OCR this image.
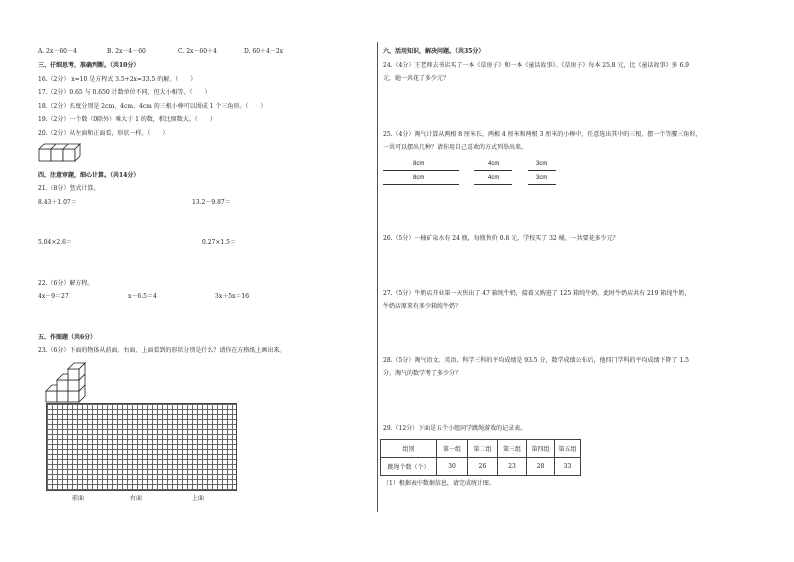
A. 2x－60－4	B. 2x－4－60	C. 2x－60＋4	D. 60＋4－2x
三、仔细思考，准确判断。（共10分）
16.（2分） x=10 是方程式 3.5+2x=33.5 的解。（　　）
17.（2分）0.65 与 0.650 计数单位不同，但大小相等。（　　）
18.（2分）长度分别是 2cm、4cm、4cm 的三根小棒可以围成 1 个三角形。（　　）
19.（2分）一个数（0除外）乘大于 1 的数，积比原数大。（　　）
20.（2分）从左面和正面看，形状一样。（　　）
四、注意审题，细心计算。（共14分）
21.（8分）竖式计算。
8.43＋1.07＝	13.2－9.87＝
5.04×2.6＝	0.27×1.5＝
22.（6分）解方程。
4x－9＝27	x－6.5＝4	3x＋5x＝16
五、作图题（共6分）
23.（6分）下面的物体从前面、右面、上面看到的形状分别是什么？请你在方格纸上画出来。
前面	右面	上面
六、活用知识，解决问题。（共35分）
24.（4分）王老师去书店买了一本《草房子》和一本《童话故事》。《草房子》每本 25.8 元，比《童话故事》多 6.9
元，她一共花了多少元？
25.（4分）淘气计算从两根 8 厘米长、两根 4 厘米和两根 3 厘米的小棒中，任意选出其中的三根，摆一个等腰三角形，
一共可以摆出几种？请你用自己喜欢的方式列举出来。
8cm	4cm	3cm
8cm	4cm	3cm
26.（5分）一桶矿泉水有 24 瓶，每瓶售价 0.8 元，学校买了 32 桶，一共要花多少元？
27.（5分）牛奶店开业第一天售出了 47 箱纯牛奶，接着又购进了 125 箱纯牛奶，此时牛奶店共有 219 箱纯牛奶，
牛奶店原来有多少箱纯牛奶？
28.（5分）淘气语文、英语、科学三科的平均成绩是 93.5 分，数学成绩公布后，他四门学科的平均成绩下降了 1.5
分。淘气的数学考了多少分？
29.（12分）下面是五个小组同学跳绳游戏的记录表。
组别	第一组	第二组	第三组	第四组	第五组
跳绳个数（个）	30	26	23	28	33
（1）根据表中数据信息，请完成统计图。
